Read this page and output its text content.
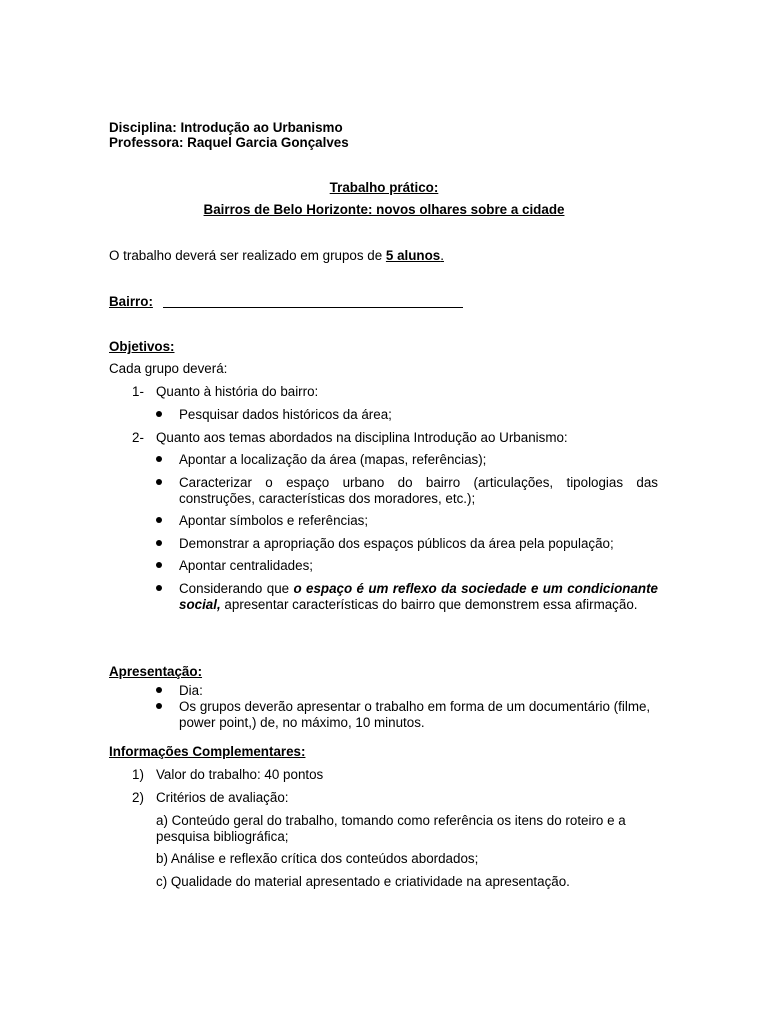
Disciplina: Introdução ao Urbanismo
Professora: Raquel Garcia Gonçalves
Trabalho prático:
Bairros de Belo Horizonte: novos olhares sobre a cidade
O trabalho deverá ser realizado em grupos de 5 alunos.
Bairro:
Objetivos:
Cada grupo deverá:
1- Quanto à história do bairro:
Pesquisar dados históricos da área;
2- Quanto aos temas abordados na disciplina Introdução ao Urbanismo:
Apontar a localização da área (mapas, referências);
Caracterizar o espaço urbano do bairro (articulações, tipologias das construções, características dos moradores, etc.);
Apontar símbolos e referências;
Demonstrar a apropriação dos espaços públicos da área pela população;
Apontar centralidades;
Considerando que o espaço é um reflexo da sociedade e um condicionante social, apresentar características do bairro que demonstrem essa afirmação.
Apresentação:
Dia:
Os grupos deverão apresentar o trabalho em forma de um documentário (filme, power point,) de, no máximo, 10 minutos.
Informações Complementares:
1) Valor do trabalho: 40 pontos
2) Critérios de avaliação:
a) Conteúdo geral do trabalho, tomando como referência os itens do roteiro e a pesquisa bibliográfica;
b) Análise e reflexão crítica dos conteúdos abordados;
c) Qualidade do material apresentado e criatividade na apresentação.
